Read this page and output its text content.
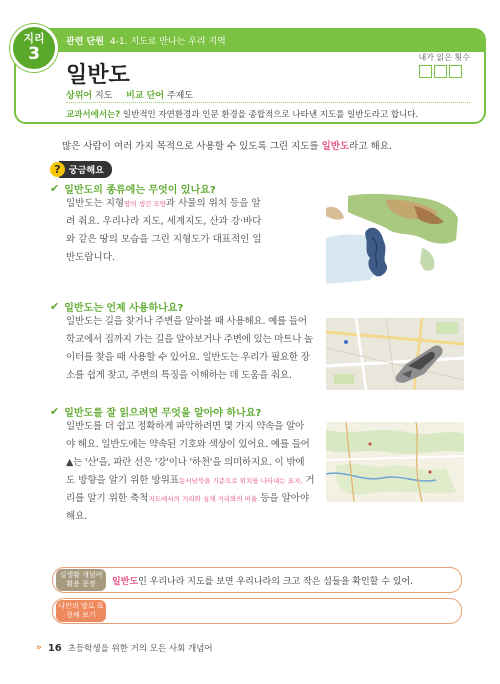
관련 단원 4-1. 지도로 만나는 우리 지역
지리
3
일반도
내가 읽은 횟수
상위어 지도 비교 단어 주제도
교과서에서는? 일반적인 자연환경과 인문 환경을 종합적으로 나타낸 지도를 일반도라고 합니다.
많은 사람이 여러 가지 목적으로 사용할 수 있도록 그린 지도를 일반도라고 해요.
? 궁금해요
✔ 일반도의 종류에는 무엇이 있나요?
일반도는 지형땅의 생긴 모양과 사물의 위치 등을 알
려 줘요. 우리나라 지도, 세계지도, 산과 강·바다
와 같은 땅의 모습을 그린 지형도가 대표적인 일
반도랍니다.
✔ 일반도는 언제 사용하나요?
일반도는 길을 찾거나 주변을 알아볼 때 사용해요. 예를 들어
학교에서 집까지 가는 길을 알아보거나 주변에 있는 마트나 놀
이터를 찾을 때 사용할 수 있어요. 일반도는 우리가 필요한 장
소를 쉽게 찾고, 주변의 특징을 이해하는 데 도움을 줘요.
✔ 일반도를 잘 읽으려면 무엇을 알아야 하나요?
일반도를 더 쉽고 정확하게 파악하려면 몇 가지 약속을 알아
야 해요. 일반도에는 약속된 기호와 색상이 있어요. 예를 들어
▲는 '산'을, 파란 선은 '강'이나 '하천'을 의미하지요. 이 밖에
도 방향을 알기 위한 방위표동서남북을 기준으로 위치를 나타내는 표지, 거
리를 알기 위한 축척지도에서의 거리와 실제 거리와의 비율 등을 알아야
해요.
실생활 개념어 활용 문장	일반도인 우리나라 지도를 보면 우리나라의 크고 작은 섬들을 확인할 수 있어.
나만의 말로 표현해 보기
» 16 초등학생을 위한 거의 모든 사회 개념어
